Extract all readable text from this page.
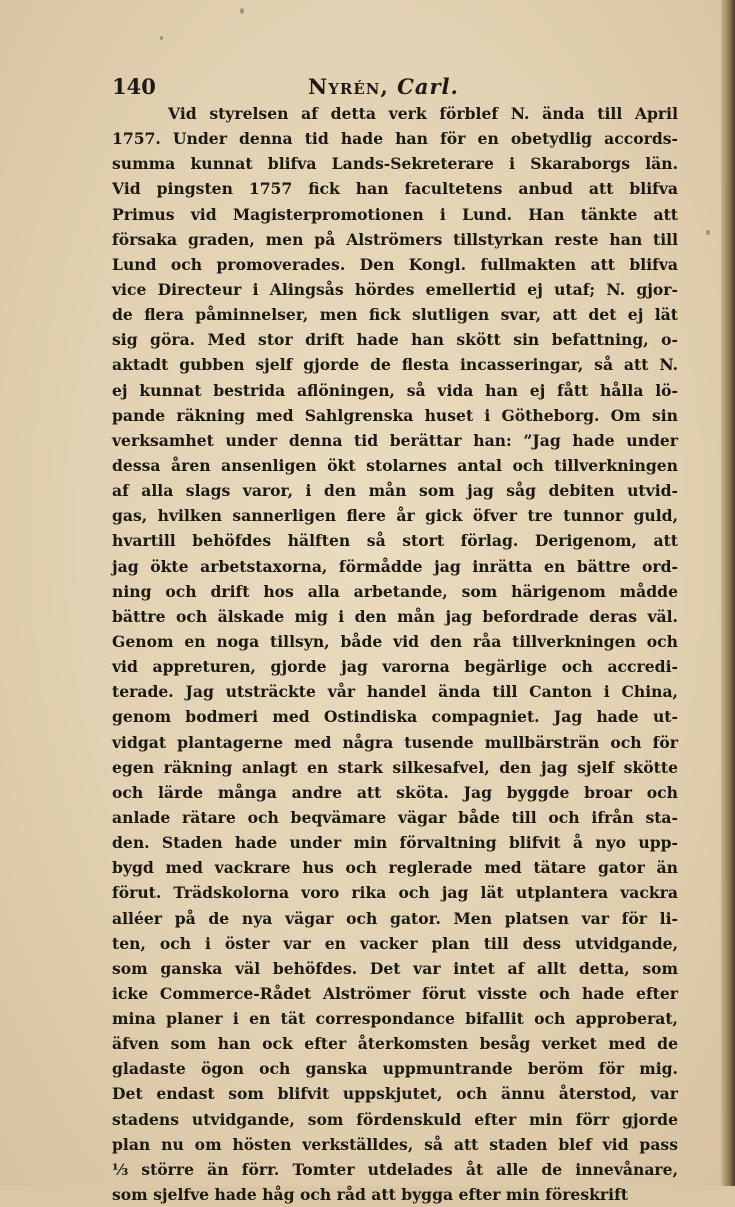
140	Nyrén, Carl.
Vid styrelsen af detta verk förblef N. ända till April
1757. Under denna tid hade han för en obetydlig accords-
summa kunnat blifva Lands-Sekreterare i Skaraborgs län.
Vid pingsten 1757 fick han facultetens anbud att blifva
Primus vid Magisterpromotionen i Lund. Han tänkte att
försaka graden, men på Alströmers tillstyrkan reste han till
Lund och promoverades. Den Kongl. fullmakten att blifva
vice Directeur i Alingsås hördes emellertid ej utaf; N. gjor-
de flera påminnelser, men fick slutligen svar, att det ej lät
sig göra. Med stor drift hade han skött sin befattning, o-
aktadt gubben sjelf gjorde de flesta incasseringar, så att N.
ej kunnat bestrida aflöningen, så vida han ej fått hålla lö-
pande räkning med Sahlgrenska huset i Götheborg. Om sin
verksamhet under denna tid berättar han: ”Jag hade under
dessa åren ansenligen ökt stolarnes antal och tillverkningen
af alla slags varor, i den mån som jag såg debiten utvid-
gas, hvilken sannerligen flere år gick öfver tre tunnor guld,
hvartill behöfdes hälften så stort förlag. Derigenom, att
jag ökte arbetstaxorna, förmådde jag inrätta en bättre ord-
ning och drift hos alla arbetande, som härigenom mådde
bättre och älskade mig i den mån jag befordrade deras väl.
Genom en noga tillsyn, både vid den råa tillverkningen och
vid appreturen, gjorde jag varorna begärlige och accredi-
terade. Jag utsträckte vår handel ända till Canton i China,
genom bodmeri med Ostindiska compagniet. Jag hade ut-
vidgat plantagerne med några tusende mullbärsträn och för
egen räkning anlagt en stark silkesafvel, den jag sjelf skötte
och lärde många andre att sköta. Jag byggde broar och
anlade rätare och beqvämare vägar både till och ifrån sta-
den. Staden hade under min förvaltning blifvit å nyo upp-
bygd med vackrare hus och reglerade med tätare gator än
förut. Trädskolorna voro rika och jag lät utplantera vackra
alléer på de nya vägar och gator. Men platsen var för li-
ten, och i öster var en vacker plan till dess utvidgande,
som ganska väl behöfdes. Det var intet af allt detta, som
icke Commerce-Rådet Alströmer förut visste och hade efter
mina planer i en tät correspondance bifallit och approberat,
äfven som han ock efter återkomsten besåg verket med de
gladaste ögon och ganska uppmuntrande beröm för mig.
Det endast som blifvit uppskjutet, och ännu återstod, var
stadens utvidgande, som fördenskuld efter min förr gjorde
plan nu om hösten verkställdes, så att staden blef vid pass
⅓ större än förr. Tomter utdelades åt alle de innevånare,
som sjelfve hade håg och råd att bygga efter min föreskrift
